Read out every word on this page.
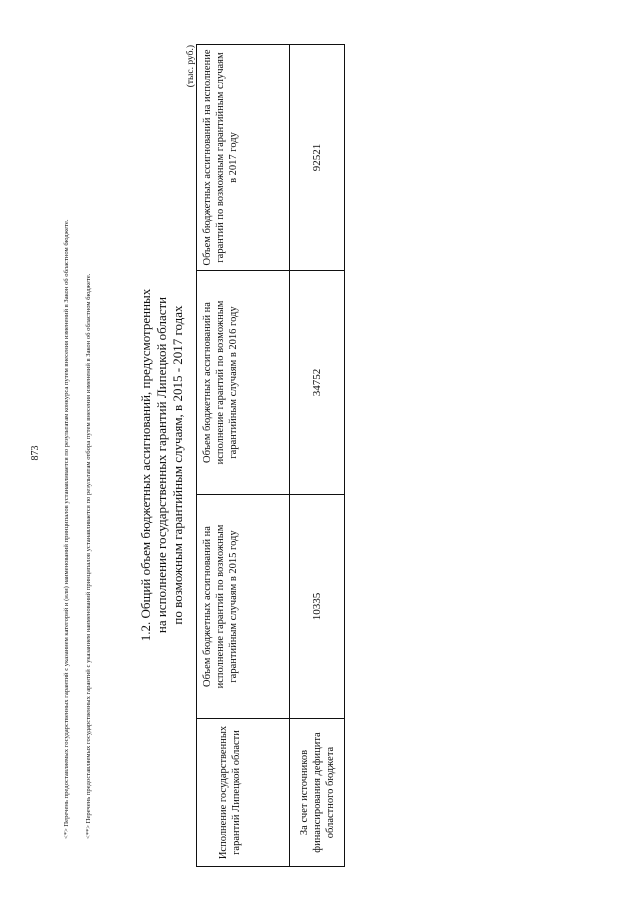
873	<*> Перечень предоставляемых государственных гарантий с указанием категорий и (или) наименований принципалов устанавливается по результатам конкурса путем внесения изменений в Закон об областном бюджете.	<**> Перечень предоставляемых государственных гарантий с указанием наименований принципалов устанавливается по результатам отбора путем внесения изменений в Закон об областном бюджете.	1.2. Общий объем бюджетных ассигнований, предусмотренных на исполнение государственных гарантий Липецкой области по возможным гарантийным случаям, в 2015 - 2017 годах
(тыс. руб.)
Исполнение государственных гарантий Липецкой области	Объем бюджетных ассигнований на исполнение гарантий по возможным гарантийным случаям в 2015 году	Объем бюджетных ассигнований на исполнение гарантий по возможным гарантийным случаям в 2016 году	Объем бюджетных ассигнований на исполнение гарантий по возможным гарантийным случаям в 2017 году

За счет источников финансирования дефицита областного бюджета	10335	34752	92521
